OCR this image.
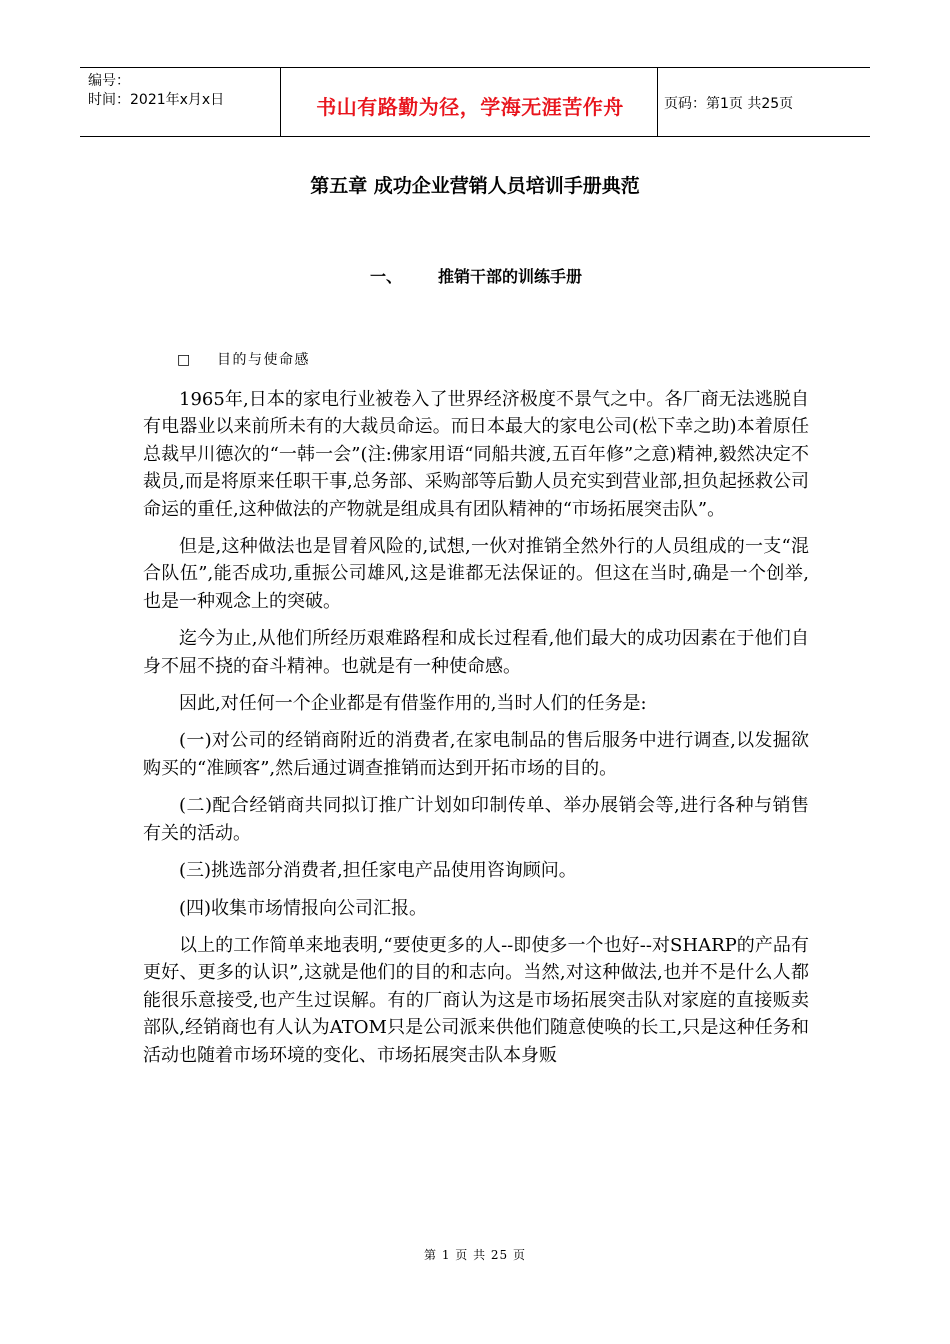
编号：
时间：2021年x月x日	书山有路勤为径，学海无涯苦作舟	页码：第1页 共25页
第五章 成功企业营销人员培训手册典范
一、 推销干部的训练手册
□ 目的与使命感

1965年,日本的家电行业被卷入了世界经济极度不景气之中。各厂商无法逃脱自有电器业以来前所未有的大裁员命运。而日本最大的家电公司(松下幸之助)本着原任总裁早川德次的“一韩一会”(注:佛家用语“同船共渡,五百年修”之意)精神,毅然决定不裁员,而是将原来任职干事,总务部、采购部等后勤人员充实到营业部,担负起拯救公司命运的重任,这种做法的产物就是组成具有团队精神的“市场拓展突击队”。

但是,这种做法也是冒着风险的,试想,一伙对推销全然外行的人员组成的一支“混合队伍”,能否成功,重振公司雄风,这是谁都无法保证的。但这在当时,确是一个创举,也是一种观念上的突破。

迄今为止,从他们所经历艰难路程和成长过程看,他们最大的成功因素在于他们自身不屈不挠的奋斗精神。也就是有一种使命感。

因此,对任何一个企业都是有借鉴作用的,当时人们的任务是:

(一)对公司的经销商附近的消费者,在家电制品的售后服务中进行调查,以发掘欲购买的“准顾客”,然后通过调查推销而达到开拓市场的目的。

(二)配合经销商共同拟订推广计划如印制传单、举办展销会等,进行各种与销售有关的活动。

(三)挑选部分消费者,担任家电产品使用咨询顾问。

(四)收集市场情报向公司汇报。

以上的工作简单来地表明,“要使更多的人--即使多一个也好--对SHARP的产品有更好、更多的认识”,这就是他们的目的和志向。当然,对这种做法,也并不是什么人都能很乐意接受,也产生过误解。有的厂商认为这是市场拓展突击队对家庭的直接贩卖部队,经销商也有人认为ATOM只是公司派来供他们随意使唤的长工,只是这种任务和活动也随着市场环境的变化、市场拓展突击队本身贩

第 1 页 共 25 页
